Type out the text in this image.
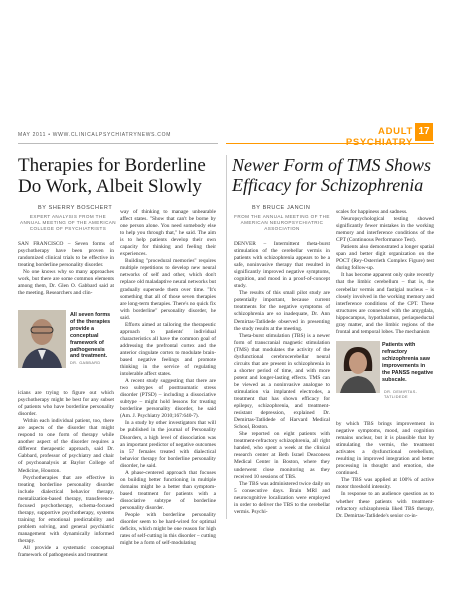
MAY 2011 • WWW.CLINICALPSYCHIATRYNEWS.COM	ADULT 17
Therapies for Borderline Do Work, Albeit Slowly
BY SHERRY BOSCHERT
EXPERT ANALYSIS FROM THE ANNUAL MEETING OF THE AMERICAN COLLEGE OF PSYCHIATRISTS

SAN FRANCISCO – Seven forms of psychotherapy have been proven in randomized clinical trials to be effective in treating borderline personality disorder.

No one knows why so many approaches work, but there are some common elements among them, Dr. Glen O. Gabbard said at the meeting. Researchers and clin-

All seven forms of the therapies provide a conceptual framework of pathogenesis and treatment.
DR. GABBARD

icians are trying to figure out which psychotherapy might be best for any subset of patients who have borderline personality disorder.

Within each individual patient, too, there are aspects of the disorder that might respond to one form of therapy while another aspect of the disorder requires a different therapeutic approach, said Dr. Gabbard, professor of psychiatry and chair of psychoanalysis at Baylor College of Medicine, Houston.

Psychotherapies that are effective in treating borderline personality disorder include dialectical behavior therapy, mentalization-based therapy, transference-focused psychotherapy, schema-focused therapy, supportive psychotherapy, systems training for emotional predictability and problem solving, and general psychiatric management with dynamically informed therapy.

All provide a systematic conceptual framework of pathogenesis and treatment

way of thinking to manage unbearable affect states. "Show that can't be borne by one person alone. You need somebody else to help you through that," he said. The aim is to help patients develop their own capacity for thinking and feeling their experiences.

Building "procedural memories" requires multiple repetitions to develop new neural networks of self and other, which don't replace old maladaptive neural networks but gradually supersede them over time. "It's something that all of those seven therapies are long-term therapies. There's no quick fix with borderline" personality disorder, he said.

Efforts aimed at tailoring the therapeutic approach to patients' individual characteristics all have the common goal of addressing the prefrontal cortex and the anterior cingulate cortex to modulate brain-based negative feelings and promote thinking in the service of regulating intolerable affect states.

A recent study suggesting that there are two subtypes of posttraumatic stress disorder (PTSD) – including a dissociative subtype – might hold lessons for treating borderline personality disorder, he said (Am. J. Psychiatry 2010;167:640-7).

In a study by other investigators that will be published in the journal of Personality Disorders, a high level of dissociation was an important predictor of negative outcomes in 57 females treated with dialectical behavior therapy for borderline personality disorder, he said.

A phase-centered approach that focuses on building better functioning in multiple domains might be a better than symptom-based treatment for patients with a dissociative subtype of borderline personality disorder.

People with borderline personality disorder seem to be hard-wired for optimal deficits, which might be one reason for high rates of self-cutting in this disorder – cutting might be a form of self-modulating

Newer Form of TMS Shows Efficacy for Schizophrenia
BY BRUCE JANCIN
FROM THE ANNUAL MEETING OF THE AMERICAN NEUROPSYCHIATRIC ASSOCIATION

DENVER – Intermittent theta-burst stimulation of the cerebellar vermis in patients with schizophrenia appears to be a safe, noninvasive therapy that resulted in significantly improved negative symptoms, cognition, and mood in a proof-of-concept study.

The results of this small pilot study are potentially important, because current treatments for the negative symptoms of schizophrenia are so inadequate, Dr. Ann Demirtas-Tatlidede observed in presenting the study results at the meeting.

Theta-burst stimulation (TBS) is a newer form of transcranial magnetic stimulation (TMS) that modulates the activity of the dysfunctional cerebrocerebellar neural circuits that are present in schizophrenia in a shorter period of time, and with more potent and longer-lasting effects. TMS can be viewed as a noninvasive analogue to stimulation via implanted electrodes, a treatment that has shown efficacy for epilepsy, schizophrenia, and treatment-resistant depression, explained Dr. Demirtas-Tatlidede of Harvard Medical School, Boston.

She reported on eight patients with treatment-refractory schizophrenia, all right handed, who spent a week at the clinical research center at Beth Israel Deaconess Medical Center in Boston, where they underwent close monitoring as they received 10 sessions of TBS.

The TBS was administered twice daily on 5 consecutive days. Brain MRI and neurocognitive localization were employed in order to deliver the TBS to the cerebellar vermis. Psychi-

scales for happiness and sadness.

Neuropsychological testing showed significantly fewer mistakes in the working memory and interference conditions of the CPT (Continuous Performance Test).

Patients also demonstrated a longer spatial span and better digit organization on the POCT (Rey-Osterrieth Complex Figure) test during follow-up.

It has become apparent only quite recently that the limbic cerebellum – that is, the cerebellar vermis and fastigial nucleus – is closely involved in the working memory and interference conditions of the CPT. These structures are connected with the amygdala, hippocampus, hypothalamus, periaqueductal gray matter, and the limbic regions of the frontal and temporal lobes. The mechanism

Patients with refractory schizophrenia saw improvements in the PANSS negative subscale.
DR. DEMIRTAS-TATLIDEDE

by which TBS brings improvement in negative symptoms, mood, and cognition remains unclear, but it is plausible that by stimulating the vermis, the treatment activates a dysfunctional cerebellum, resulting in improved integration and better processing in thought and emotion, she continued.

The TBS was applied at 100% of active motor threshold intensity.

In response to an audience question as to whether these patients with treatment-refractory schizophrenia liked TBS therapy, Dr. Demirtas-Tatlidede's senior co-in-
